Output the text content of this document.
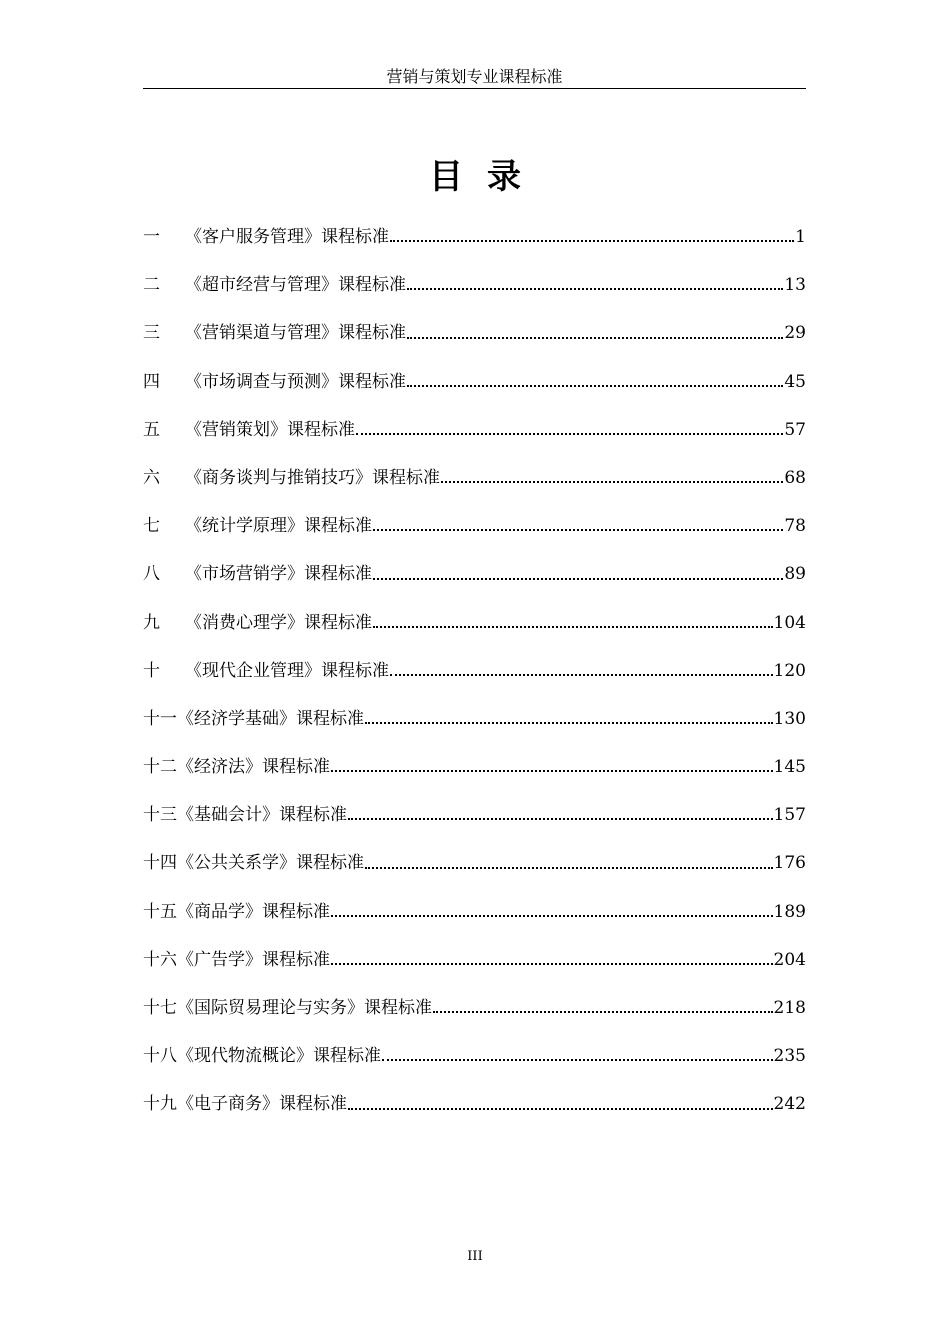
营销与策划专业课程标准
目录
一	《客户服务管理》课程标准	1
二	《超市经营与管理》课程标准	13
三	《营销渠道与管理》课程标准	29
四	《市场调查与预测》课程标准	45
五	《营销策划》课程标准	57
六	《商务谈判与推销技巧》课程标准	68
七	《统计学原理》课程标准	78
八	《市场营销学》课程标准	89
九	《消费心理学》课程标准	104
十	《现代企业管理》课程标准	120
十一 《经济学基础》课程标准	130
十二 《经济法》课程标准	145
十三 《基础会计》课程标准	157
十四 《公共关系学》课程标准	176
十五 《商品学》课程标准	189
十六 《广告学》课程标准	204
十七 《国际贸易理论与实务》课程标准	218
十八 《现代物流概论》课程标准	235
十九 《电子商务》课程标准	242
III
